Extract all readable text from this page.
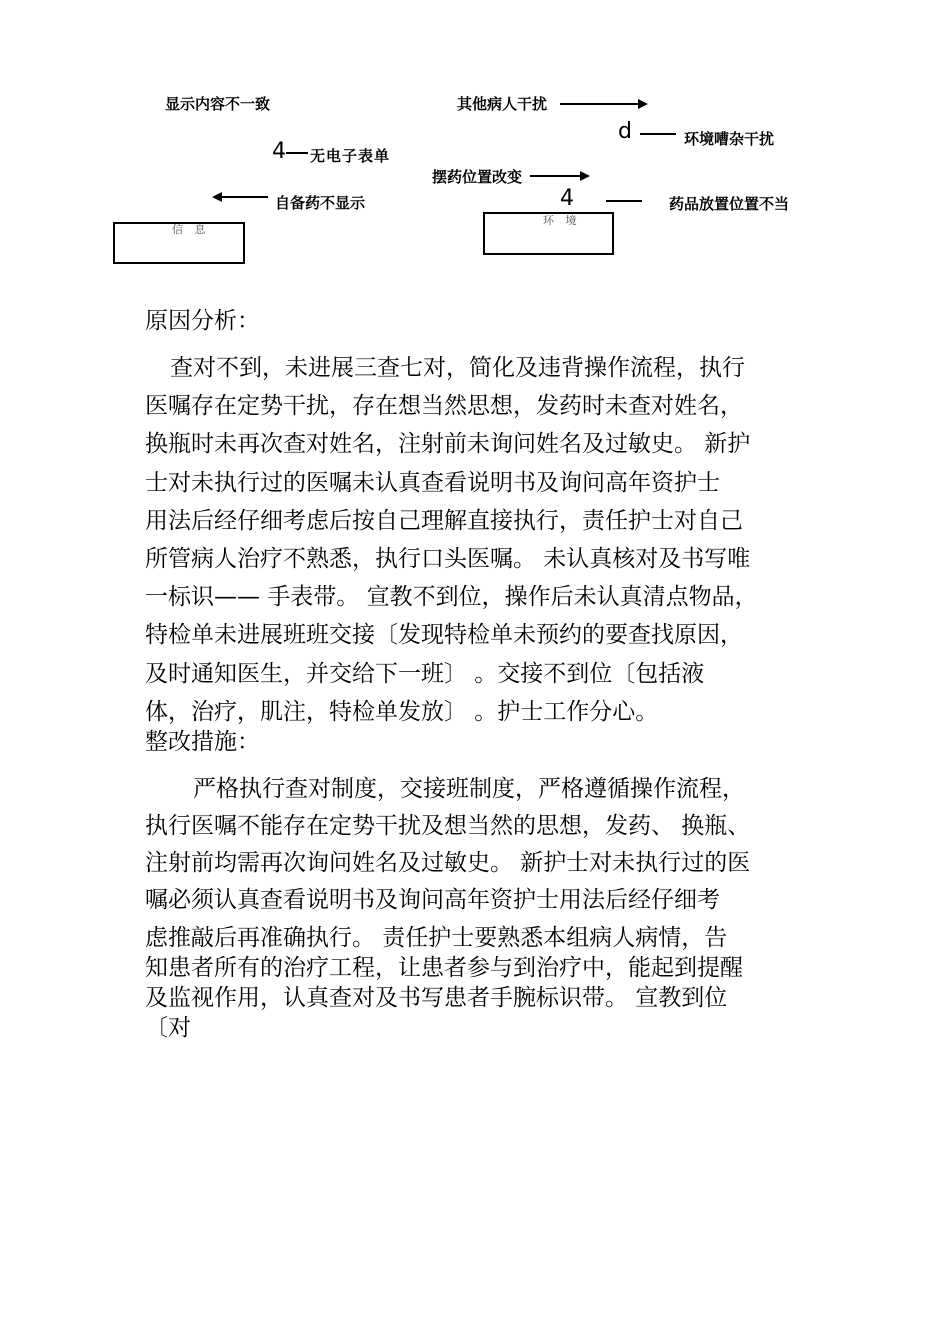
显示内容不一致
4 无电子表单
自备药不显示
信 息
其他病人干扰
d	环境嘈杂干扰
摆药位置改变
4	药品放置位置不当
环 境
原因分析：
查对不到，未进展三查七对，简化及违背操作流程，执行
医嘱存在定势干扰，存在想当然思想，发药时未查对姓名，
换瓶时未再次查对姓名，注射前未询问姓名及过敏史。 新护
士对未执行过的医嘱未认真查看说明书及询问高年资护士
用法后经仔细考虑后按自己理解直接执行，责任护士对自己
所管病人治疗不熟悉，执行口头医嘱。 未认真核对及书写唯
一标识—— 手表带。 宣教不到位，操作后未认真清点物品，
特检单未进展班班交接〔发现特检单未预约的要查找原因，
及时通知医生，并交给下一班〕 。交接不到位〔包括液
体，治疗，肌注，特检单发放〕 。护士工作分心。
整改措施：
严格执行查对制度，交接班制度，严格遵循操作流程，
执行医嘱不能存在定势干扰及想当然的思想，发药、 换瓶、
注射前均需再次询问姓名及过敏史。 新护士对未执行过的医
嘱必须认真查看说明书及询问高年资护士用法后经仔细考
虑推敲后再准确执行。 责任护士要熟悉本组病人病情，告
知患者所有的治疗工程，让患者参与到治疗中，能起到提醒
及监视作用，认真查对及书写患者手腕标识带。 宣教到位
〔对
